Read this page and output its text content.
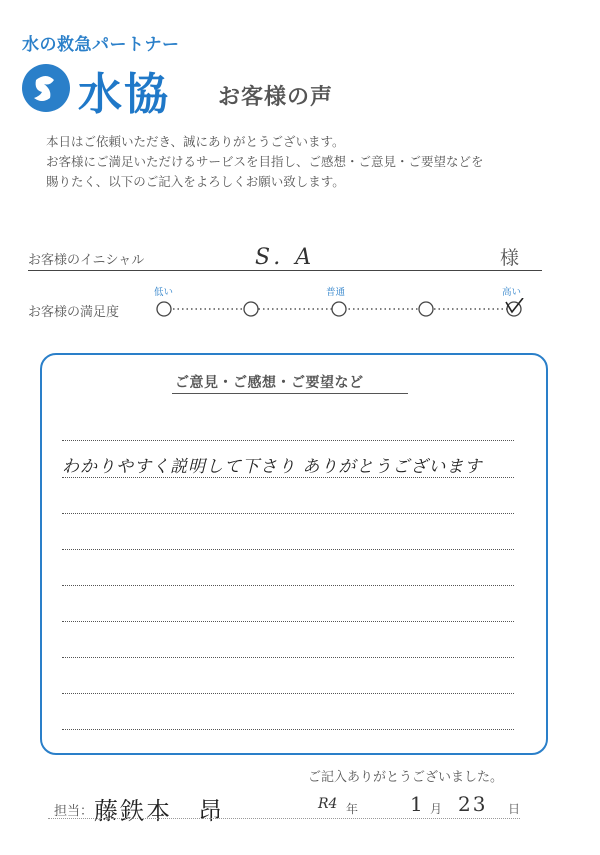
水の救急パートナー
水協 お客様の声
本日はご依頼いただき、誠にありがとうございます。
お客様にご満足いただけるサービスを目指し、ご感想・ご意見・ご要望などを
賜りたく、以下のご記入をよろしくお願い致します。
お客様のイニシャル	S. A	様
お客様の満足度
低い	普通	高い
ご意見・ご感想・ご要望など
わかりやすく説明して下さり ありがとうございます
ご記入ありがとうございました。
担当： 藤鉄本　昂	R4 年	1 月 23 日
